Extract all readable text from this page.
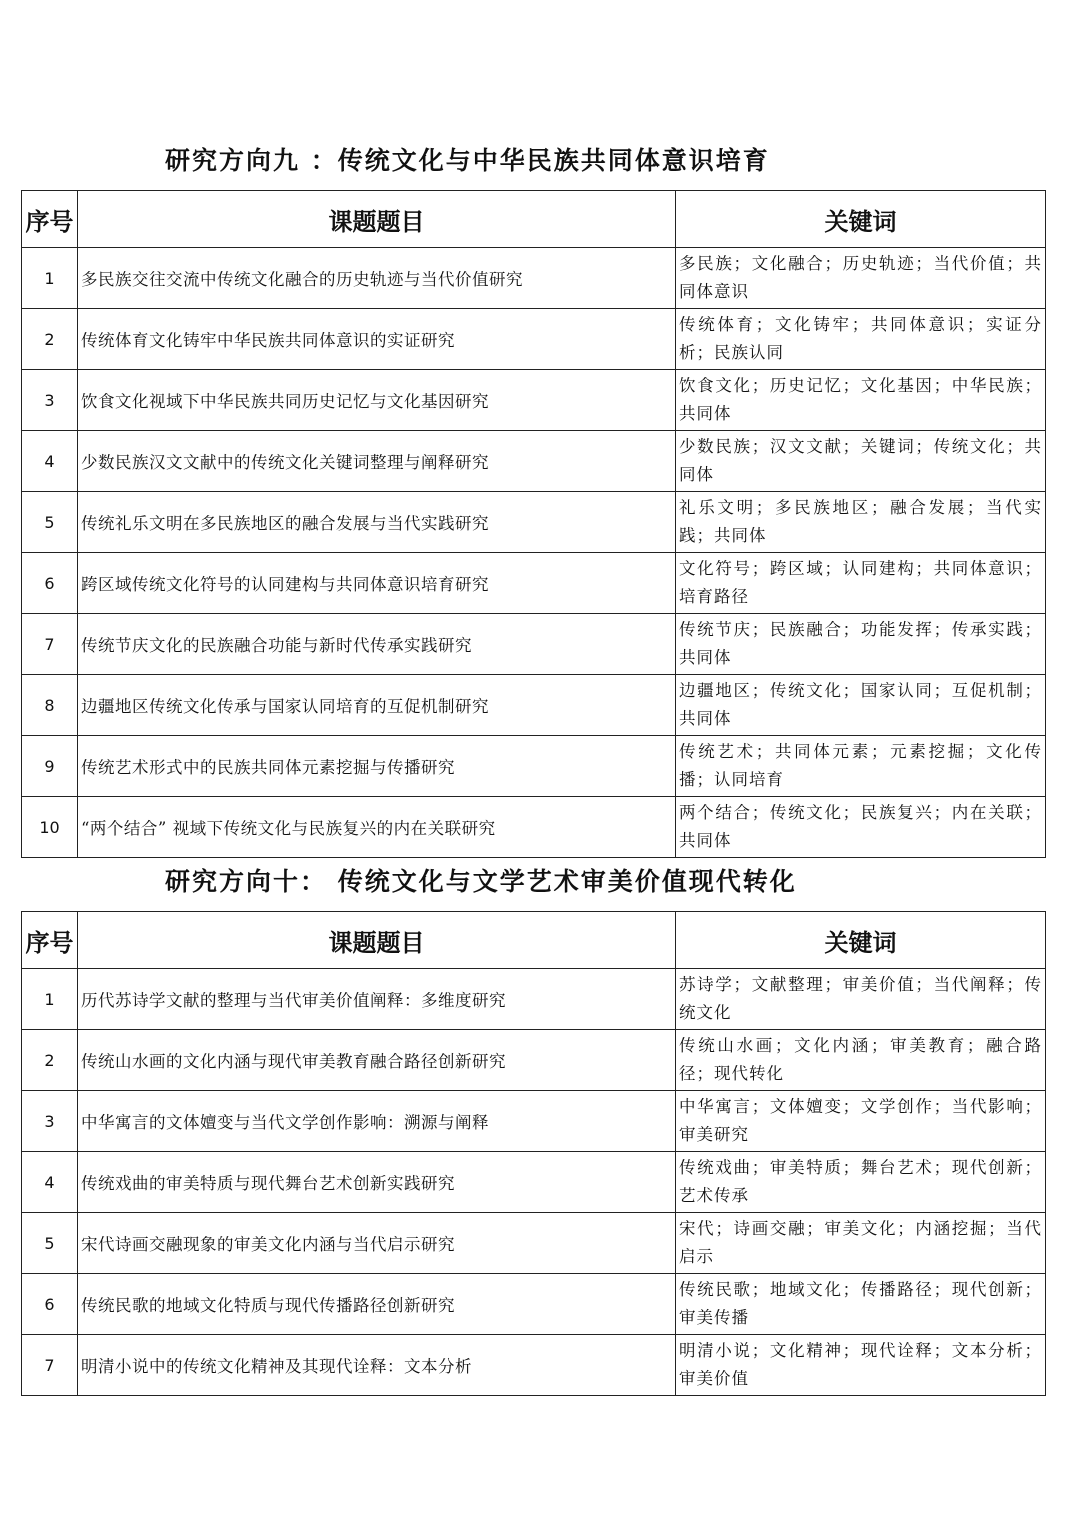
研究方向九 ：传统文化与中华民族共同体意识培育
序号	课题题目	关键词
1	多民族交往交流中传统文化融合的历史轨迹与当代价值研究	多民族；文化融合；历史轨迹；当代价值；共同体意识
2	传统体育文化铸牢中华民族共同体意识的实证研究	传统体育；文化铸牢；共同体意识；实证分析；民族认同
3	饮食文化视域下中华民族共同历史记忆与文化基因研究	饮食文化；历史记忆；文化基因；中华民族；共同体
4	少数民族汉文文献中的传统文化关键词整理与阐释研究	少数民族；汉文文献；关键词；传统文化；共同体
5	传统礼乐文明在多民族地区的融合发展与当代实践研究	礼乐文明；多民族地区；融合发展；当代实践；共同体
6	跨区域传统文化符号的认同建构与共同体意识培育研究	文化符号；跨区域；认同建构；共同体意识；培育路径
7	传统节庆文化的民族融合功能与新时代传承实践研究	传统节庆；民族融合；功能发挥；传承实践；共同体
8	边疆地区传统文化传承与国家认同培育的互促机制研究	边疆地区；传统文化；国家认同；互促机制；共同体
9	传统艺术形式中的民族共同体元素挖掘与传播研究	传统艺术；共同体元素；元素挖掘；文化传播；认同培育
10	“两个结合” 视域下传统文化与民族复兴的内在关联研究	两个结合；传统文化；民族复兴；内在关联；共同体
研究方向十： 传统文化与文学艺术审美价值现代转化
序号	课题题目	关键词
1	历代苏诗学文献的整理与当代审美价值阐释：多维度研究	苏诗学；文献整理；审美价值；当代阐释；传统文化
2	传统山水画的文化内涵与现代审美教育融合路径创新研究	传统山水画；文化内涵；审美教育；融合路径；现代转化
3	中华寓言的文体嬗变与当代文学创作影响：溯源与阐释	中华寓言；文体嬗变；文学创作；当代影响；审美研究
4	传统戏曲的审美特质与现代舞台艺术创新实践研究	传统戏曲；审美特质；舞台艺术；现代创新；艺术传承
5	宋代诗画交融现象的审美文化内涵与当代启示研究	宋代；诗画交融；审美文化；内涵挖掘；当代启示
6	传统民歌的地域文化特质与现代传播路径创新研究	传统民歌；地域文化；传播路径；现代创新；审美传播
7	明清小说中的传统文化精神及其现代诠释：文本分析	明清小说；文化精神；现代诠释；文本分析；审美价值
